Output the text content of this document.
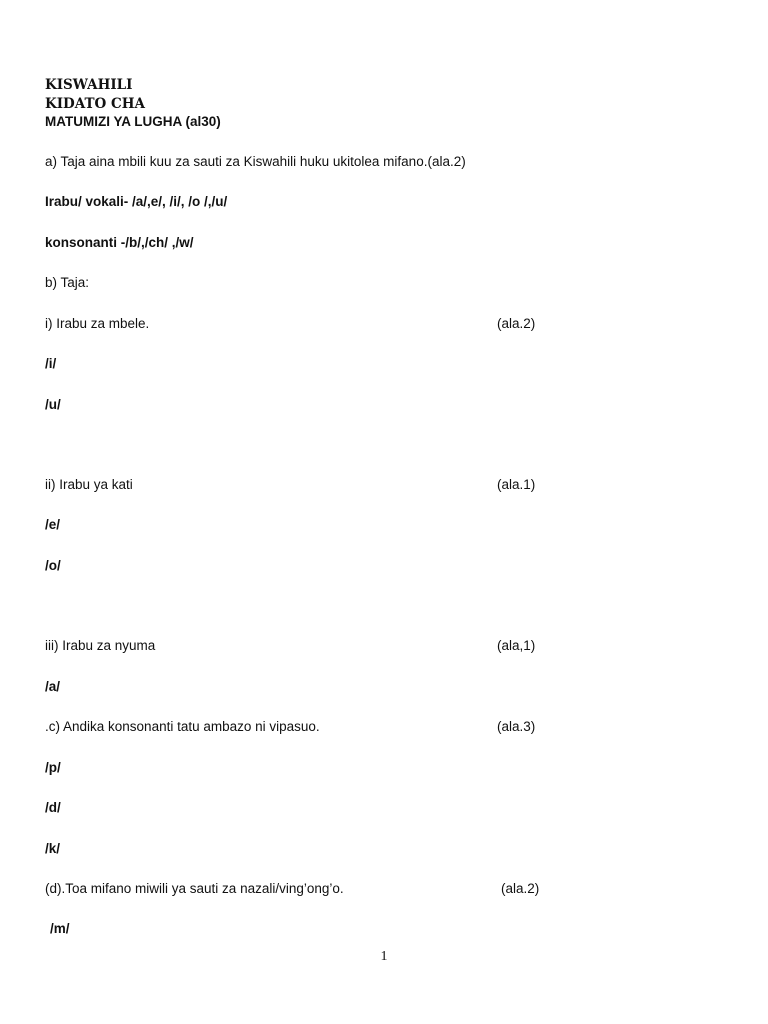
KISWAHILI
KIDATO CHA
MATUMIZI YA LUGHA (al30)
a) Taja aina mbili kuu za sauti za Kiswahili huku ukitolea mifano.(ala.2)
Irabu/ vokali- /a/,e/, /i/, /o /,/u/
konsonanti -/b/,/ch/ ,/w/
b) Taja:
i) Irabu za mbele.	(ala.2)
/i/
/u/
ii) Irabu ya kati	(ala.1)
/e/
/o/
iii) Irabu za nyuma	(ala,1)
/a/
.c) Andika konsonanti tatu ambazo ni vipasuo.	(ala.3)
/p/
/d/
/k/
(d).Toa mifano miwili ya sauti za nazali/ving’ong’o.	(ala.2)
/m/
1
